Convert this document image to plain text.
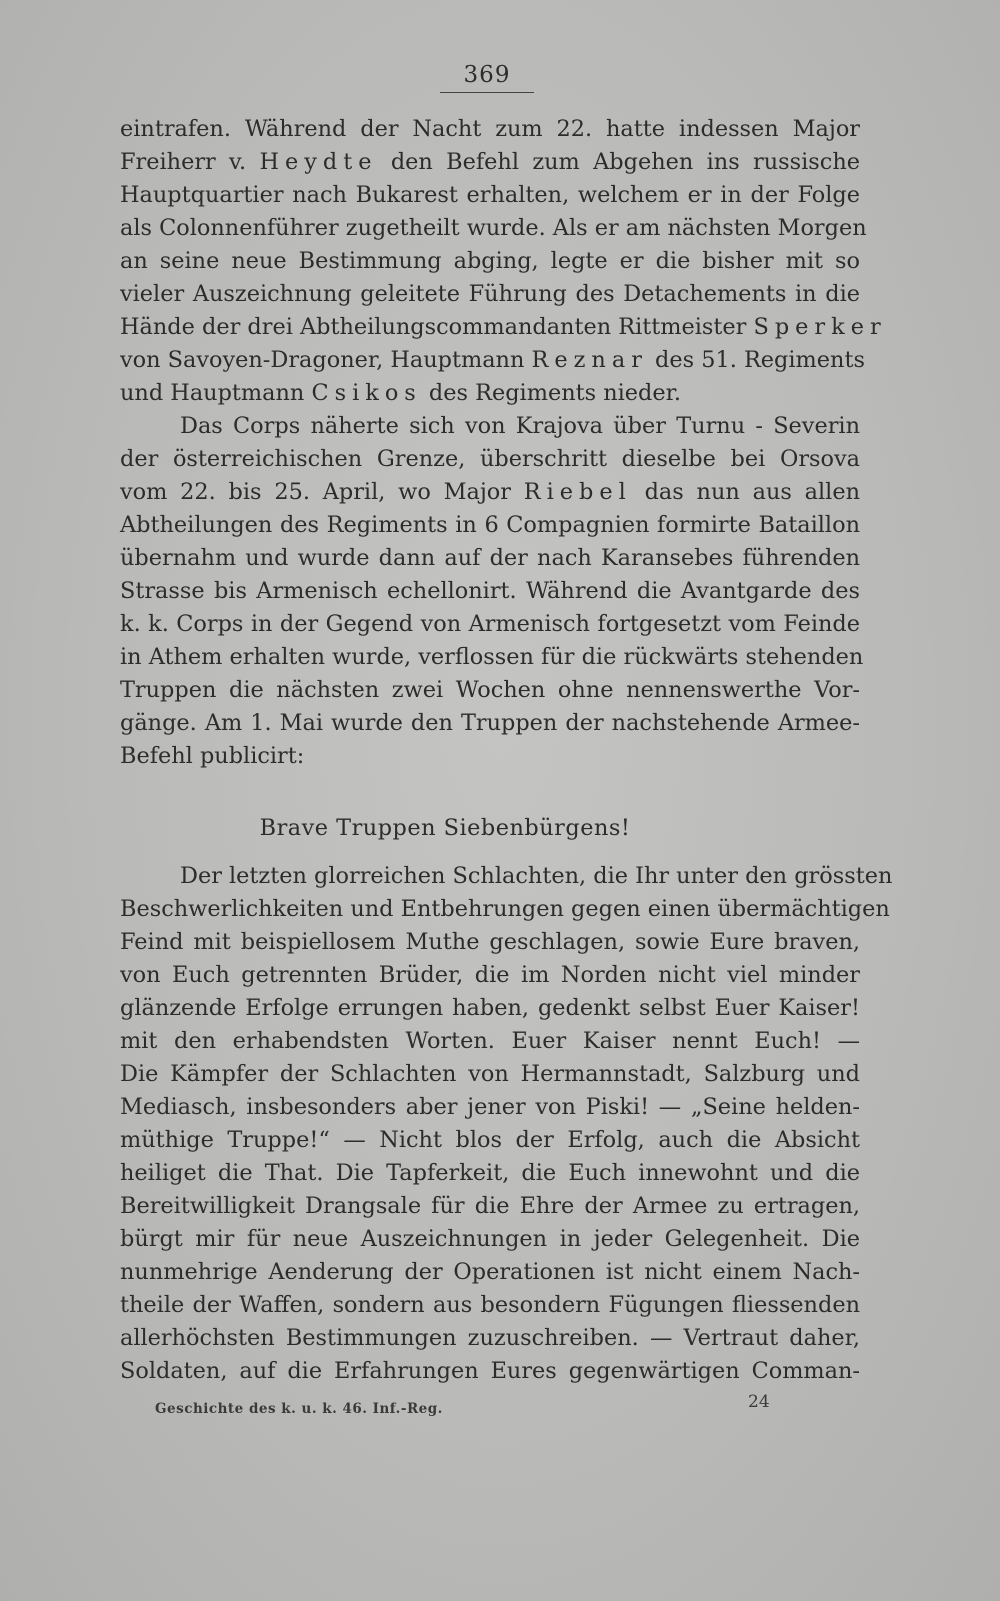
369
eintrafen. Während der Nacht zum 22. hatte indessen Major
Freiherr v. Heydte den Befehl zum Abgehen ins russische
Hauptquartier nach Bukarest erhalten, welchem er in der Folge
als Colonnenführer zugetheilt wurde. Als er am nächsten Morgen
an seine neue Bestimmung abging, legte er die bisher mit so
vieler Auszeichnung geleitete Führung des Detachements in die
Hände der drei Abtheilungscommandanten Rittmeister Sperker
von Savoyen-Dragoner, Hauptmann Reznar des 51. Regiments
und Hauptmann Csikos des Regiments nieder.
Das Corps näherte sich von Krajova über Turnu - Severin
der österreichischen Grenze, überschritt dieselbe bei Orsova
vom 22. bis 25. April, wo Major Riebel das nun aus allen
Abtheilungen des Regiments in 6 Compagnien formirte Bataillon
übernahm und wurde dann auf der nach Karansebes führenden
Strasse bis Armenisch echellonirt. Während die Avantgarde des
k. k. Corps in der Gegend von Armenisch fortgesetzt vom Feinde
in Athem erhalten wurde, verflossen für die rückwärts stehenden
Truppen die nächsten zwei Wochen ohne nennenswerthe Vor-
gänge. Am 1. Mai wurde den Truppen der nachstehende Armee-
Befehl publicirt:
Brave Truppen Siebenbürgens!
Der letzten glorreichen Schlachten, die Ihr unter den grössten
Beschwerlichkeiten und Entbehrungen gegen einen übermächtigen
Feind mit beispiellosem Muthe geschlagen, sowie Eure braven,
von Euch getrennten Brüder, die im Norden nicht viel minder
glänzende Erfolge errungen haben, gedenkt selbst Euer Kaiser!
mit den erhabendsten Worten. Euer Kaiser nennt Euch! —
Die Kämpfer der Schlachten von Hermannstadt, Salzburg und
Mediasch, insbesonders aber jener von Piski! — „Seine helden-
müthige Truppe!“ — Nicht blos der Erfolg, auch die Absicht
heiliget die That. Die Tapferkeit, die Euch innewohnt und die
Bereitwilligkeit Drangsale für die Ehre der Armee zu ertragen,
bürgt mir für neue Auszeichnungen in jeder Gelegenheit. Die
nunmehrige Aenderung der Operationen ist nicht einem Nach-
theile der Waffen, sondern aus besondern Fügungen fliessenden
allerhöchsten Bestimmungen zuzuschreiben. — Vertraut daher,
Soldaten, auf die Erfahrungen Eures gegenwärtigen Comman-
Geschichte des k. u. k. 46. Inf.-Reg.	24
